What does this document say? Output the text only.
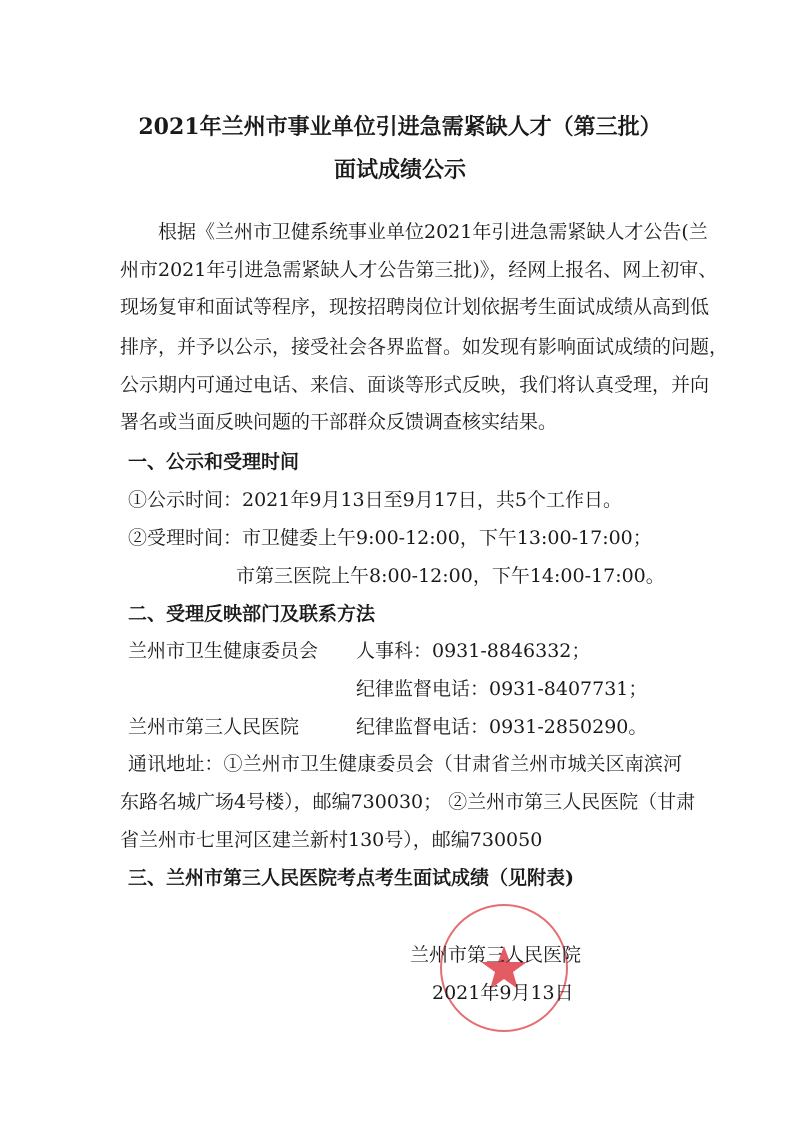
2021年兰州市事业单位引进急需紧缺人才（第三批）
面试成绩公示
根据《兰州市卫健系统事业单位2021年引进急需紧缺人才公告(兰
州市2021年引进急需紧缺人才公告第三批)》，经网上报名、网上初审、
现场复审和面试等程序，现按招聘岗位计划依据考生面试成绩从高到低
排序，并予以公示，接受社会各界监督。如发现有影响面试成绩的问题，
公示期内可通过电话、来信、面谈等形式反映，我们将认真受理，并向
署名或当面反映问题的干部群众反馈调查核实结果。
一、公示和受理时间
①公示时间：2021年9月13日至9月17日，共5个工作日。
②受理时间：市卫健委上午9:00-12:00，下午13:00-17:00；
市第三医院上午8:00-12:00，下午14:00-17:00。
二、受理反映部门及联系方法
兰州市卫生健康委员会 人事科：0931-8846332；
纪律监督电话：0931-8407731；
兰州市第三人民医院	纪律监督电话：0931-2850290。
通讯地址：①兰州市卫生健康委员会（甘肃省兰州市城关区南滨河
东路名城广场4号楼），邮编730030； ②兰州市第三人民医院（甘肃
省兰州市七里河区建兰新村130号），邮编730050
三、兰州市第三人民医院考点考生面试成绩（见附表)
兰州市第三人民医院
2021年9月13日
